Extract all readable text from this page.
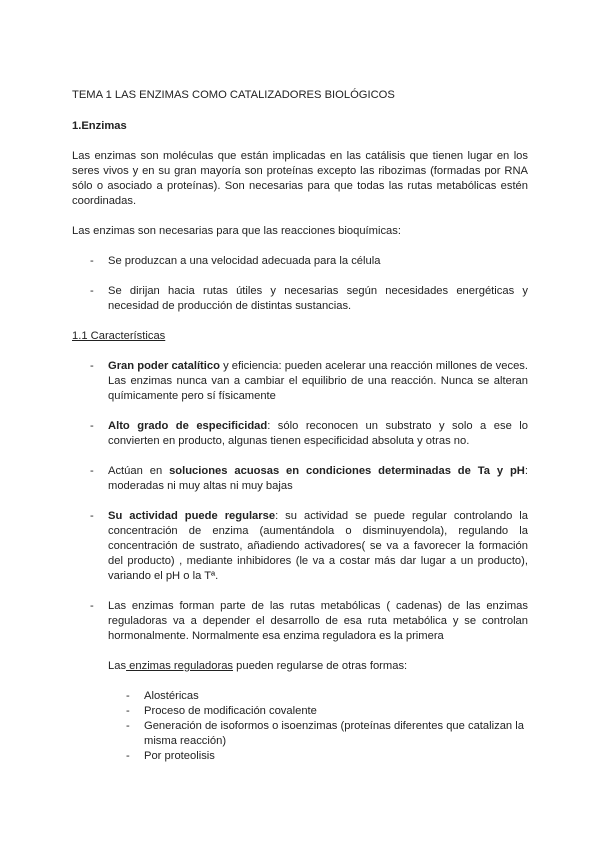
TEMA 1 LAS ENZIMAS COMO CATALIZADORES BIOLÓGICOS

1.Enzimas

Las enzimas son moléculas que están implicadas en las catálisis que tienen lugar en los seres vivos y en su gran mayoría son proteínas excepto las ribozimas (formadas por RNA sólo o asociado a proteínas). Son necesarias para que todas las rutas metabólicas estén coordinadas.

Las enzimas son necesarias para que las reacciones bioquímicas:

- Se produzcan a una velocidad adecuada para la célula
- Se dirijan hacia rutas útiles y necesarias según necesidades energéticas y necesidad de producción de distintas sustancias.

1.1 Características

- Gran poder catalítico y eficiencia: pueden acelerar una reacción millones de veces. Las enzimas nunca van a cambiar el equilibrio de una reacción. Nunca se alteran químicamente pero sí físicamente
- Alto grado de especificidad: sólo reconocen un substrato y solo a ese lo convierten en producto, algunas tienen especificidad absoluta y otras no.
- Actúan en soluciones acuosas en condiciones determinadas de Ta y pH: moderadas ni muy altas ni muy bajas
- Su actividad puede regularse: su actividad se puede regular controlando la concentración de enzima (aumentándola o disminuyendola), regulando la concentración de sustrato, añadiendo activadores( se va a favorecer la formación del producto) , mediante inhibidores (le va a costar más dar lugar a un producto), variando el pH o la Tª.
- Las enzimas forman parte de las rutas metabólicas ( cadenas) de las enzimas reguladoras va a depender el desarrollo de esa ruta metabólica y se controlan hormonalmente. Normalmente esa enzima reguladora es la primera

Las enzimas reguladoras pueden regularse de otras formas:

- Alostéricas
- Proceso de modificación covalente
- Generación de isoformos o isoenzimas (proteínas diferentes que catalizan la misma reacción)
- Por proteolisis
